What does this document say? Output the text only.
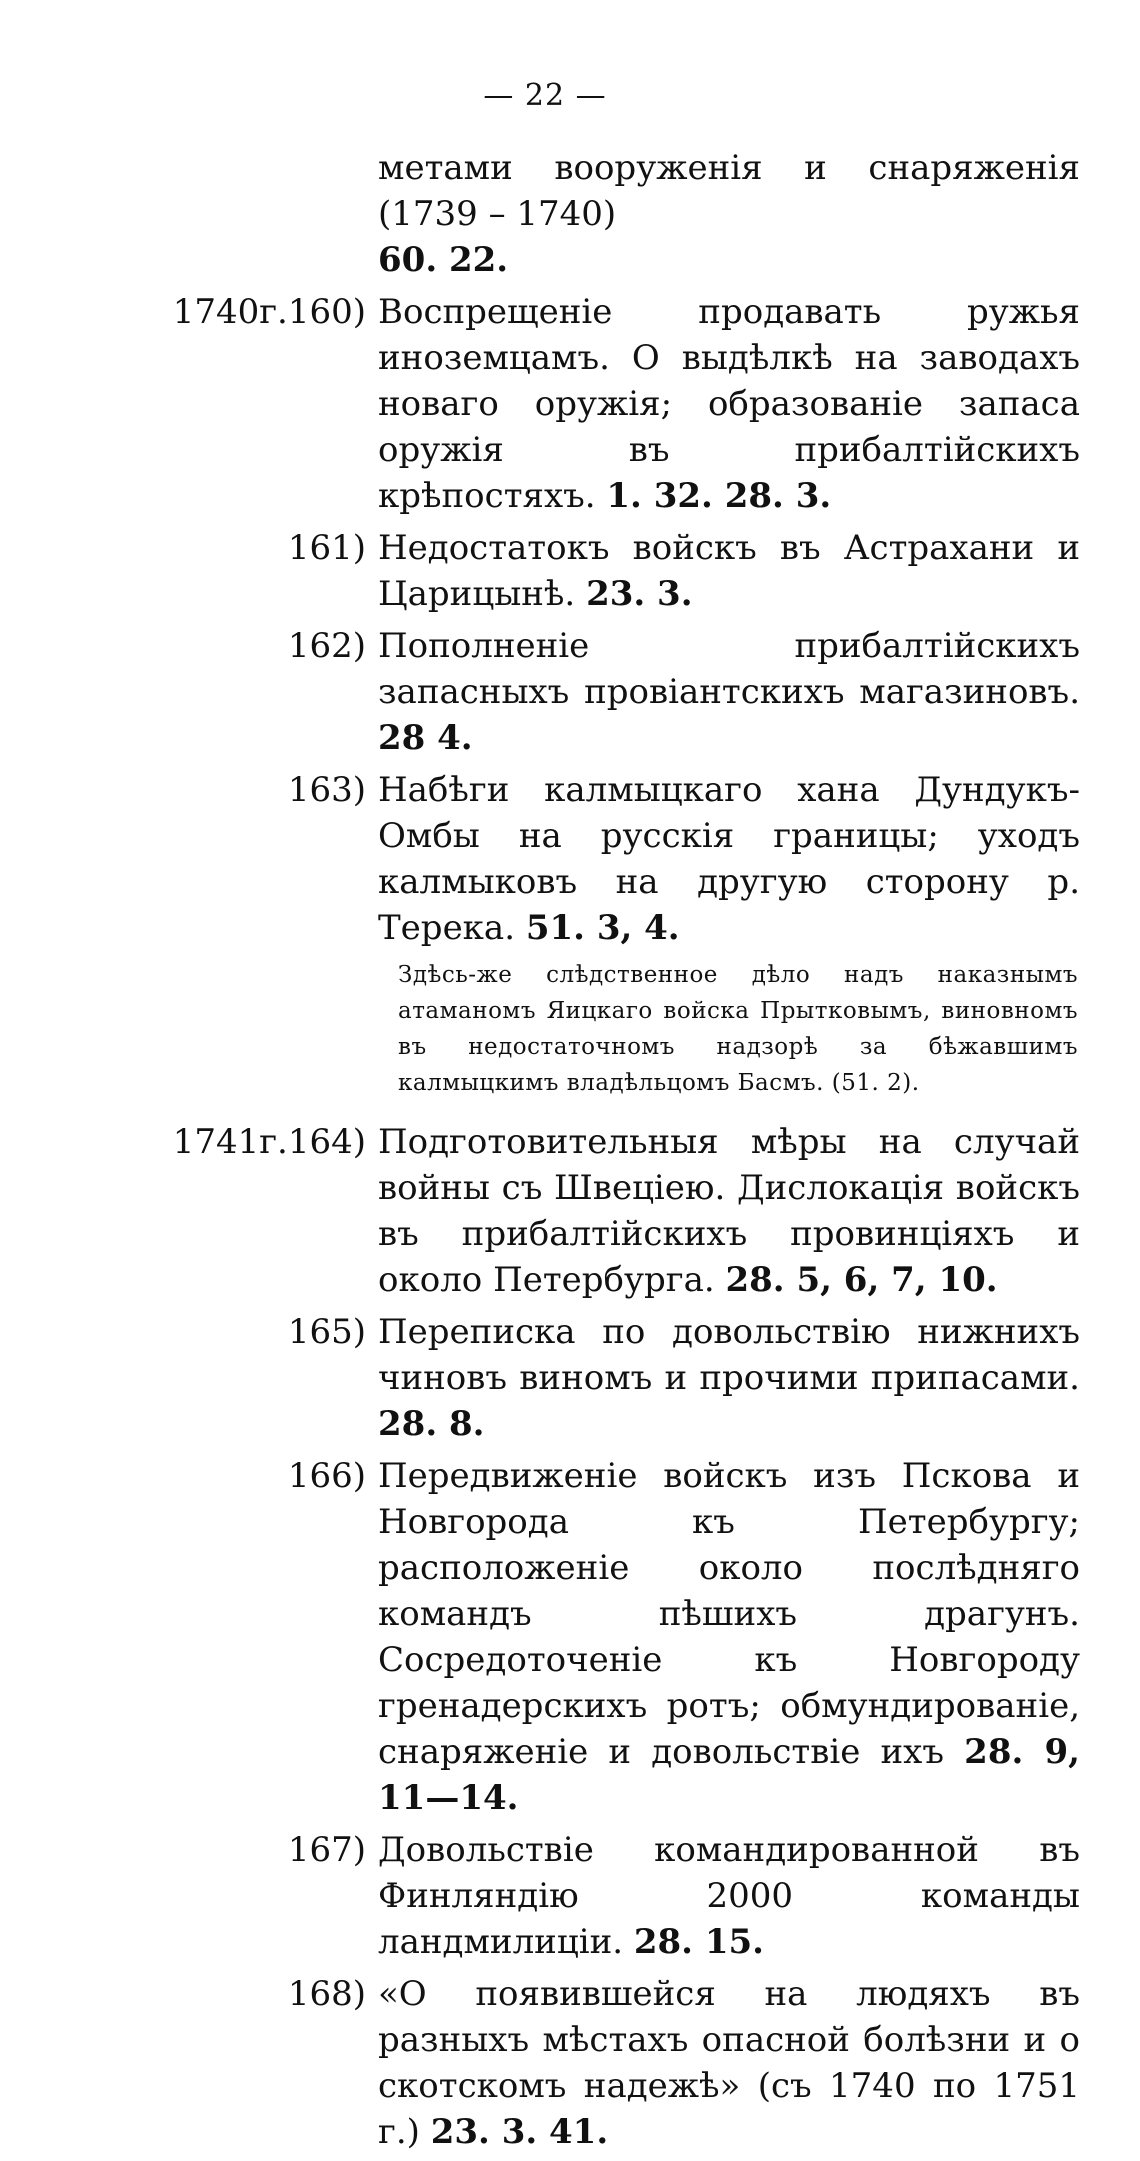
— 22 —
метами вооруженія и снаряженія (1739 – 1740)
60. 22.
1740г.160) Воспрещеніе продавать ружья иноземцамъ. О выдѣлкѣ на заводахъ новаго оружія; образованіе запаса оружія въ прибалтійскихъ крѣпостяхъ. 1. 32. 28. 3.
161) Недостатокъ войскъ въ Астрахани и Царицынѣ. 23. 3.
162) Пополненіе прибалтійскихъ запасныхъ провіантскихъ магазиновъ. 28 4.
163) Набѣги калмыцкаго хана Дундукъ-Омбы на русскія границы; уходъ калмыковъ на другую сторону р. Терека. 51. 3, 4.
Здѣсь-же слѣдственное дѣло надъ наказнымъ атаманомъ Яицкаго войска Прытковымъ, виновномъ въ недостаточномъ надзорѣ за бѣжавшимъ калмыцкимъ владѣльцомъ Басмъ. (51. 2).
1741г.164) Подготовительныя мѣры на случай войны съ Швеціею. Дислокація войскъ въ прибалтійскихъ провинціяхъ и около Петербурга. 28. 5, 6, 7, 10.
165) Переписка по довольствію нижнихъ чиновъ виномъ и прочими припасами. 28. 8.
166) Передвиженіе войскъ изъ Пскова и Новгорода къ Петербургу; расположеніе около послѣдняго командъ пѣшихъ драгунъ. Сосредоточеніе къ Новгороду гренадерскихъ ротъ; обмундированіе, снаряженіе и довольствіе ихъ 28. 9, 11—14.
167) Довольствіе командированной въ Финляндію 2000 команды ландмилиціи. 28. 15.
168) «О появившейся на людяхъ въ разныхъ мѣстахъ опасной болѣзни и о скотскомъ надежѣ» (съ 1740 по 1751 г.) 23. 3. 41.
